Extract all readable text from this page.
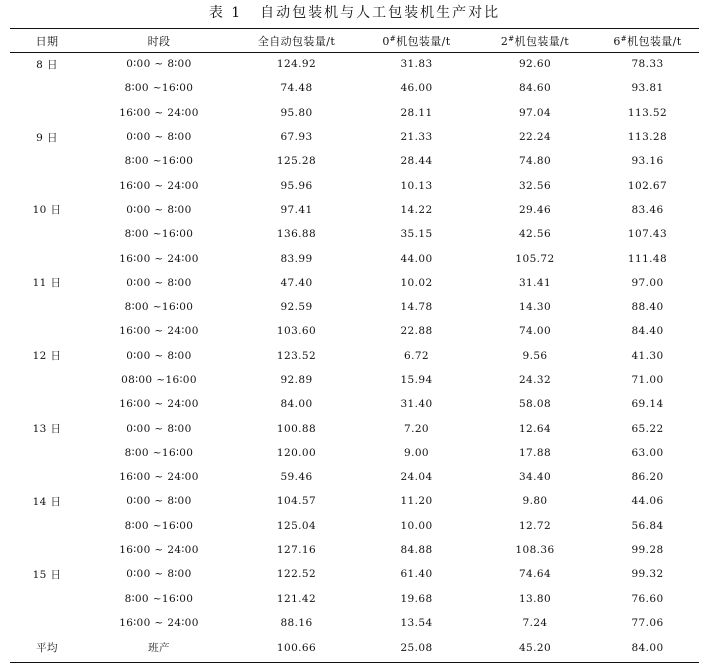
表 1 自动包装机与人工包装机生产对比
日期	时段	全自动包装量/t	0#机包装量/t	2#机包装量/t	6#机包装量/t
8 日	0∶00 ~ 8∶00	124.92	31.83	92.60	78.33
	8∶00 ~16∶00	74.48	46.00	84.60	93.81
	16∶00 ~ 24∶00	95.80	28.11	97.04	113.52
9 日	0∶00 ~ 8∶00	67.93	21.33	22.24	113.28
	8∶00 ~16∶00	125.28	28.44	74.80	93.16
	16∶00 ~ 24∶00	95.96	10.13	32.56	102.67
10 日	0∶00 ~ 8∶00	97.41	14.22	29.46	83.46
	8∶00 ~16∶00	136.88	35.15	42.56	107.43
	16∶00 ~ 24∶00	83.99	44.00	105.72	111.48
11 日	0∶00 ~ 8∶00	47.40	10.02	31.41	97.00
	8∶00 ~16∶00	92.59	14.78	14.30	88.40
	16∶00 ~ 24∶00	103.60	22.88	74.00	84.40
12 日	0∶00 ~ 8∶00	123.52	6.72	9.56	41.30
	08∶00 ~16∶00	92.89	15.94	24.32	71.00
	16∶00 ~ 24∶00	84.00	31.40	58.08	69.14
13 日	0∶00 ~ 8∶00	100.88	7.20	12.64	65.22
	8∶00 ~16∶00	120.00	9.00	17.88	63.00
	16∶00 ~ 24∶00	59.46	24.04	34.40	86.20
14 日	0∶00 ~ 8∶00	104.57	11.20	9.80	44.06
	8∶00 ~16∶00	125.04	10.00	12.72	56.84
	16∶00 ~ 24∶00	127.16	84.88	108.36	99.28
15 日	0∶00 ~ 8∶00	122.52	61.40	74.64	99.32
	8∶00 ~16∶00	121.42	19.68	13.80	76.60
	16∶00 ~ 24∶00	88.16	13.54	7.24	77.06
平均	班产	100.66	25.08	45.20	84.00
